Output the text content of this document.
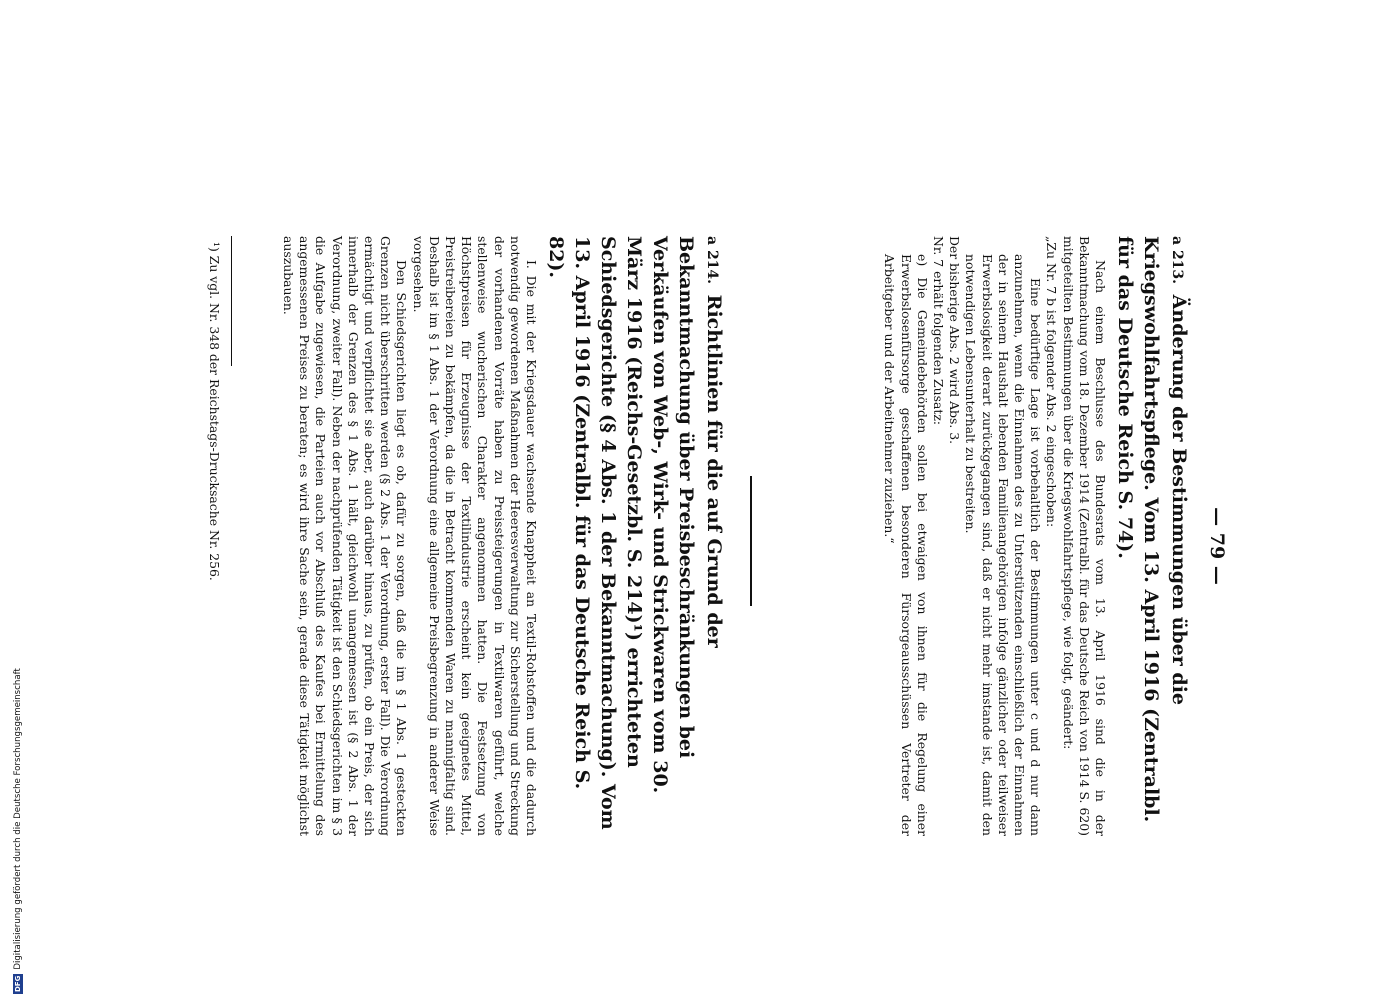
— 79 —

a 213. Änderung der Bestimmungen über die Kriegswohlfahrtspflege. Vom 13. April 1916 (Zentralbl. für das Deutsche Reich S. 74).

Nach einem Beschlusse des Bundesrats vom 13. April 1916 sind die in der Bekanntmachung vom 18. Dezember 1914 (Zentralbl. für das Deutsche Reich von 1914 S. 620) mitgeteilten Bestimmungen über die Kriegswohlfahrtspflege, wie folgt, geändert:

„Zu Nr. 7 b ist folgender Abs. 2 eingeschoben:

Eine bedürftige Lage ist vorbehaltlich der Bestimmungen unter c und d nur dann anzunehmen, wenn die Einnahmen des zu Unterstützenden einschließlich der Einnahmen der in seinem Haushalt lebenden Familienangehörigen infolge gänzlicher oder teilweiser Erwerbslosigkeit derart zurückgegangen sind, daß er nicht mehr imstande ist, damit den notwendigen Lebensunterhalt zu bestreiten.

Der bisherige Abs. 2 wird Abs. 3.

Nr. 7 erhält folgenden Zusatz:

e) Die Gemeindebehörden sollen bei etwaigen von ihnen für die Regelung einer Erwerbslosenfürsorge geschaffenen besonderen Fürsorgeausschüssen Vertreter der Arbeitgeber und der Arbeitnehmer zuziehen.“

a 214. Richtlinien für die auf Grund der Bekanntmachung über Preisbeschränkungen bei Verkäufen von Web-, Wirk- und Strickwaren vom 30. März 1916 (Reichs-Gesetzbl. S. 214)¹) errichteten Schiedsgerichte (§ 4 Abs. 1 der Bekanntmachung). Vom 13. April 1916 (Zentralbl. für das Deutsche Reich S. 82).

I. Die mit der Kriegsdauer wachsende Knappheit an Textil-Rohstoffen und die dadurch notwendig gewordenen Maßnahmen der Heeresverwaltung zur Sicherstellung und Streckung der vorhandenen Vorräte haben zu Preissteigerungen in Textilwaren geführt, welche stellenweise wucherischen Charakter angenommen hatten. Die Festsetzung von Höchstpreisen für Erzeugnisse der Textilindustrie erscheint kein geeignetes Mittel, Preistreibereien zu bekämpfen, da die in Betracht kommenden Waren zu mannigfaltig sind. Deshalb ist im § 1 Abs. 1 der Verordnung eine allgemeine Preisbegrenzung in anderer Weise vorgesehen.

Den Schiedsgerichten liegt es ob, dafür zu sorgen, daß die im § 1 Abs. 1 gesteckten Grenzen nicht überschritten werden (§ 2 Abs. 1 der Verordnung, erster Fall). Die Verordnung ermächtigt und verpflichtet sie aber, auch darüber hinaus, zu prüfen, ob ein Preis, der sich innerhalb der Grenzen des § 1 Abs. 1 hält, gleichwohl unangemessen ist (§ 2 Abs. 1 der Verordnung, zweiter Fall). Neben der nachprüfenden Tätigkeit ist den Schiedsgerichten im § 3 die Aufgabe zugewiesen, die Parteien auch vor Abschluß des Kaufes bei Ermittelung des angemessenen Preises zu beraten; es wird ihre Sache sein, gerade diese Tätigkeit möglichst auszubauen.

¹) Zu vgl. Nr. 348 der Reichstags-Drucksache Nr. 256.
DFG
Digitalisierung gefördert durch die Deutsche Forschungsgemeinschaft
